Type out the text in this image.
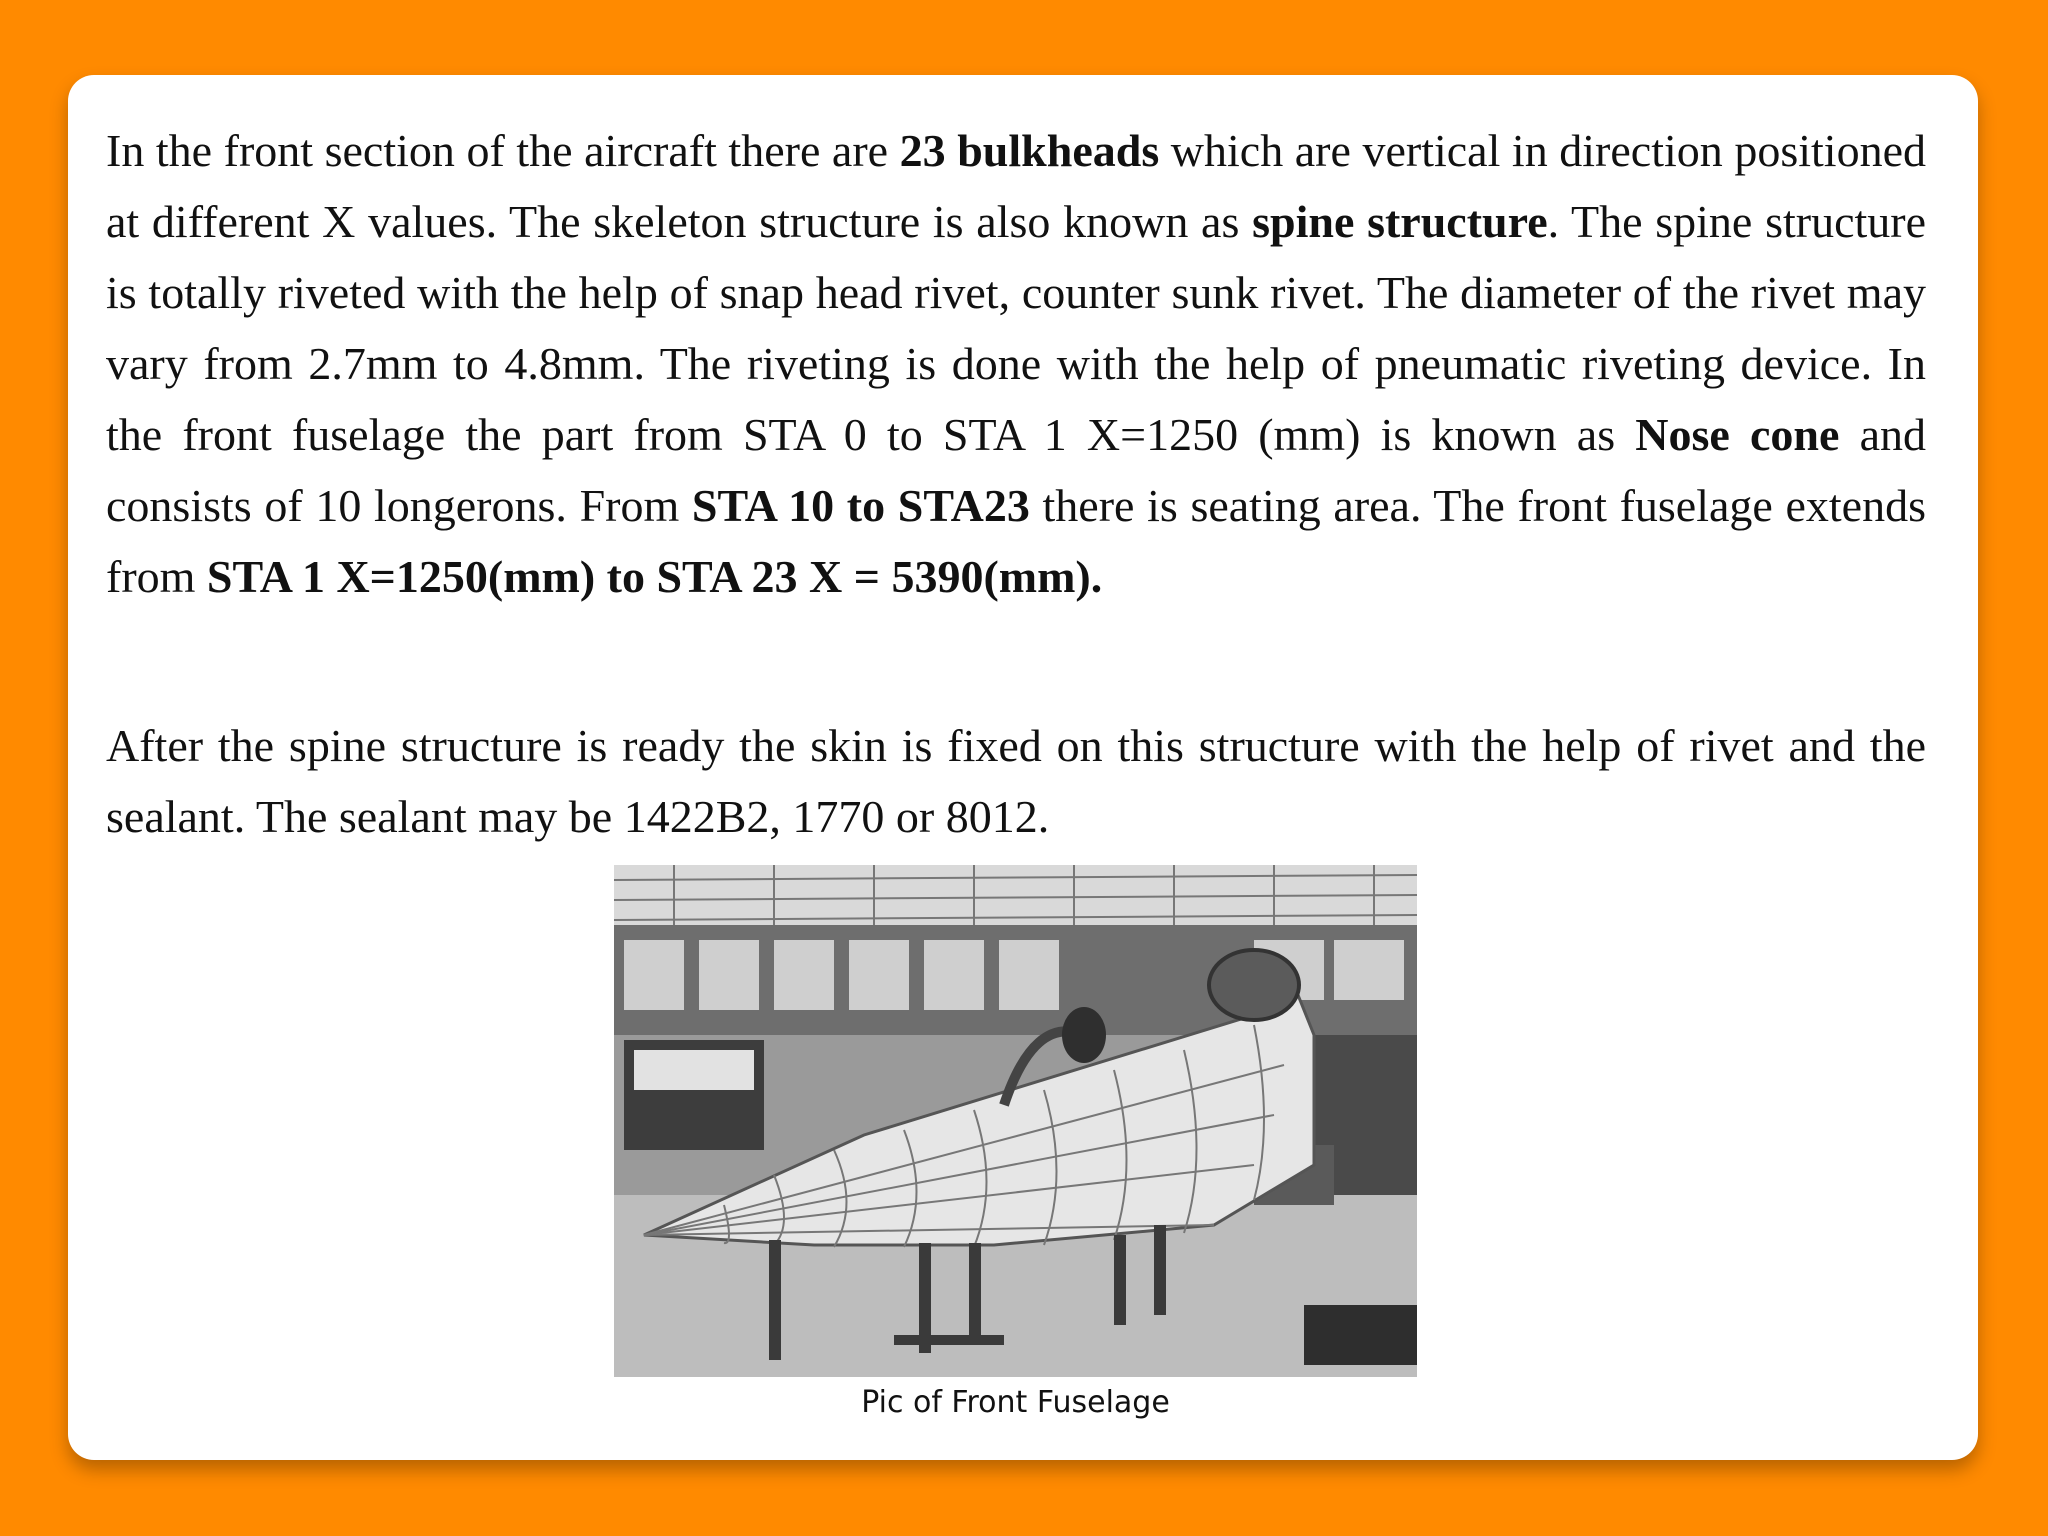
In the front section of the aircraft there are 23 bulkheads which are vertical in direction positioned at different X values. The skeleton structure is also known as spine structure. The spine structure is totally riveted with the help of snap head rivet, counter sunk rivet. The diameter of the rivet may vary from 2.7mm to 4.8mm. The riveting is done with the help of pneumatic riveting device. In the front fuselage the part from STA 0 to STA 1 X=1250 (mm) is known as Nose cone and consists of 10 longerons. From STA 10 to STA23 there is seating area. The front fuselage extends from STA 1 X=1250(mm) to STA 23 X = 5390(mm).

After the spine structure is ready the skin is fixed on this structure with the help of rivet and the sealant. The sealant may be 1422B2, 1770 or 8012.

Pic of Front Fuselage
